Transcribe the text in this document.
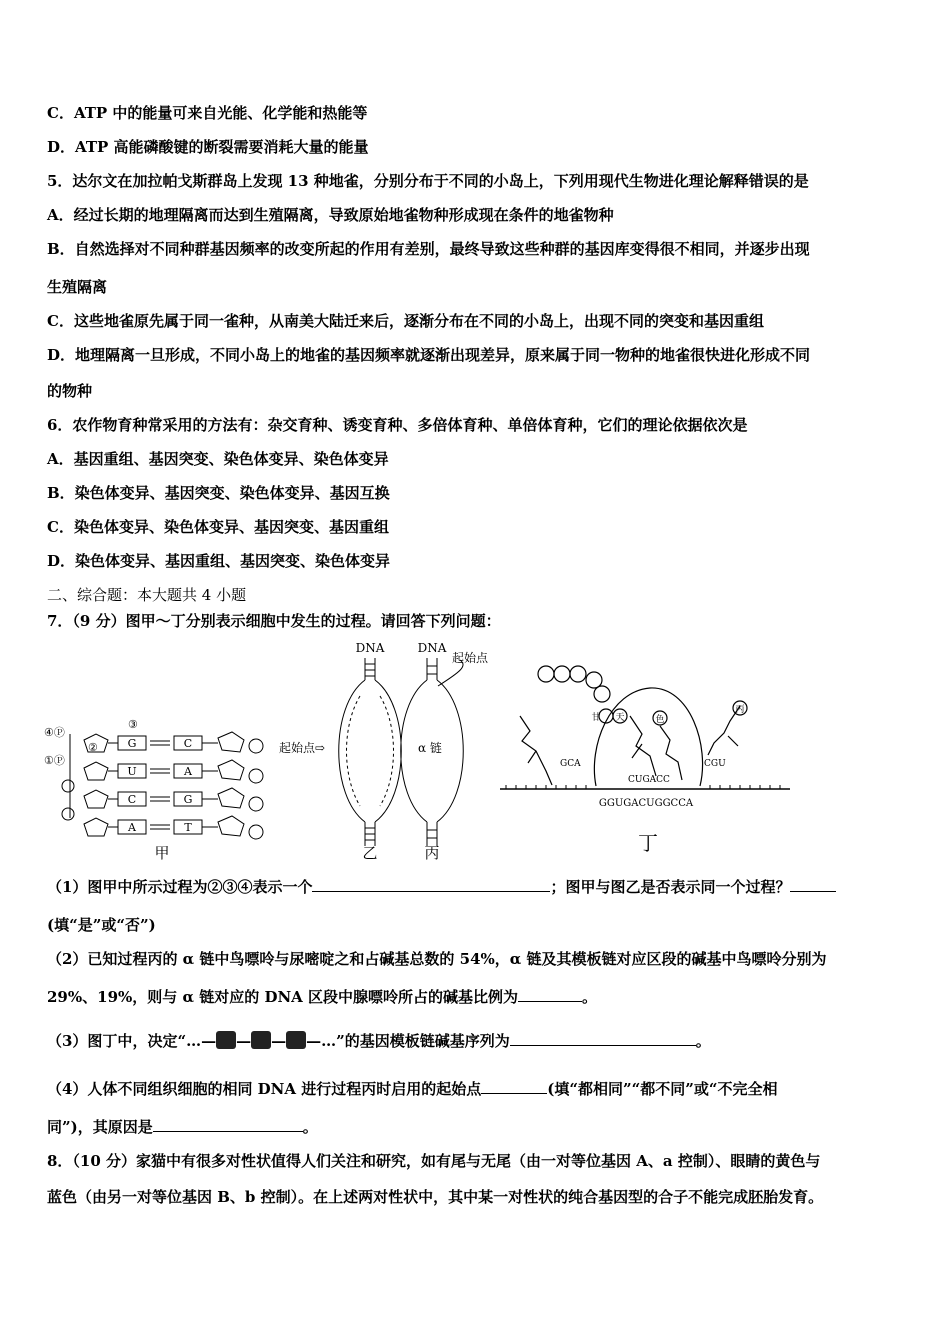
C．ATP 中的能量可来自光能、化学能和热能等
D．ATP 高能磷酸键的断裂需要消耗大量的能量
5．达尔文在加拉帕戈斯群岛上发现 13 种地雀，分别分布于不同的小岛上，下列用现代生物进化理论解释错误的是
A．经过长期的地理隔离而达到生殖隔离，导致原始地雀物种形成现在条件的地雀物种
B．自然选择对不同种群基因频率的改变所起的作用有差别，最终导致这些种群的基因库变得很不相同，并逐步出现
生殖隔离
C．这些地雀原先属于同一雀种，从南美大陆迁来后，逐渐分布在不同的小岛上，出现不同的突变和基因重组
D．地理隔离一旦形成，不同小岛上的地雀的基因频率就逐渐出现差异，原来属于同一物种的地雀很快进化形成不同
的物种
6．农作物育种常采用的方法有：杂交育种、诱变育种、多倍体育种、单倍体育种，它们的理论依据依次是
A．基因重组、基因突变、染色体变异、染色体变异
B．染色体变异、基因突变、染色体变异、基因互换
C．染色体变异、染色体变异、基因突变、基因重组
D．染色体变异、基因重组、基因突变、染色体变异
二、综合题：本大题共 4 小题
7．（9 分）图甲～丁分别表示细胞中发生的过程。请回答下列问题：
④Ⓟ
①Ⓟ
②
③
G
U
C
A
C
A
G
T
甲
DNA
起始点⇨
乙
DNA
起始点
α 链
丙
甘 天	色
丙
GCA
CUGACC
CGU
GGUGACUGGCCA
丁
（1）图甲中所示过程为②③④表示一个	；图甲与图乙是否表示同一个过程？
(填“是”或“否”)
（2）已知过程丙的 α 链中鸟嘌呤与尿嘧啶之和占碱基总数的 54%，α 链及其模板链对应区段的碱基中鸟嘌呤分别为
29%、19%，则与 α 链对应的 DNA 区段中腺嘌呤所占的碱基比例为	。
（3）图丁中，决定“…— — — —…”的基因模板链碱基序列为	。
（4）人体不同组织细胞的相同 DNA 进行过程丙时启用的起始点	(填“都相同”“都不同”或“不完全相
同”)，其原因是	。
8．（10 分）家猫中有很多对性状值得人们关注和研究，如有尾与无尾（由一对等位基因 A、a 控制）、眼睛的黄色与
蓝色（由另一对等位基因 B、b 控制）。在上述两对性状中，其中某一对性状的纯合基因型的合子不能完成胚胎发育。
